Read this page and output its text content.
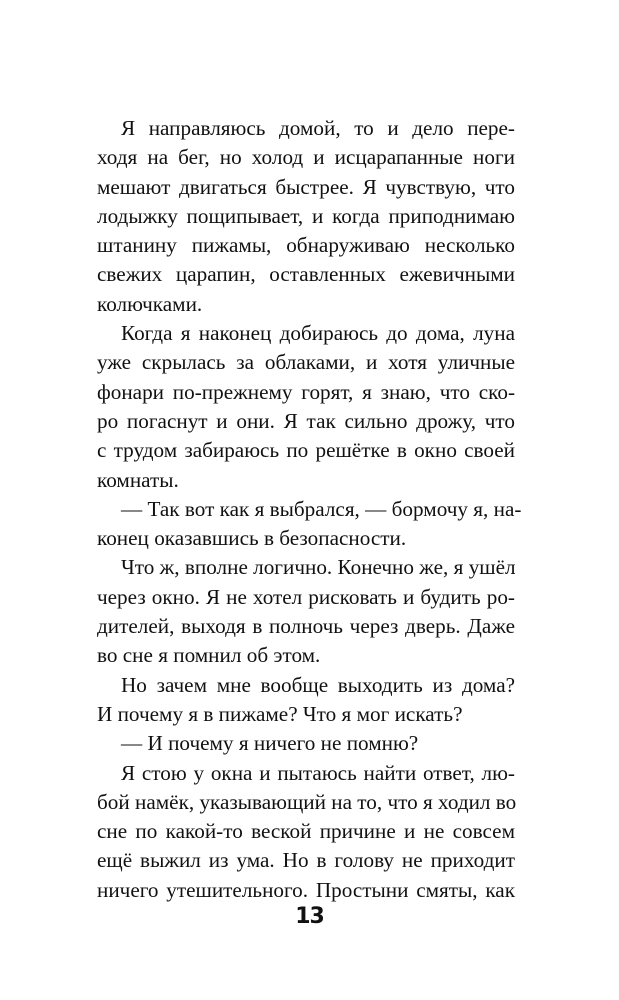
Я направляюсь домой, то и дело пере-
ходя на бег, но холод и исцарапанные ноги
мешают двигаться быстрее. Я чувствую, что
лодыжку пощипывает, и когда приподнимаю
штанину пижамы, обнаруживаю несколько
свежих царапин, оставленных ежевичными
колючками.
Когда я наконец добираюсь до дома, луна
уже скрылась за облаками, и хотя уличные
фонари по-прежнему горят, я знаю, что ско-
ро погаснут и они. Я так сильно дрожу, что
с трудом забираюсь по решётке в окно своей
комнаты.
— Так вот как я выбрался, — бормочу я, на-
конец оказавшись в безопасности.
Что ж, вполне логично. Конечно же, я ушёл
через окно. Я не хотел рисковать и будить ро-
дителей, выходя в полночь через дверь. Даже
во сне я помнил об этом.
Но зачем мне вообще выходить из дома?
И почему я в пижаме? Что я мог искать?
— И почему я ничего не помню?
Я стою у окна и пытаюсь найти ответ, лю-
бой намёк, указывающий на то, что я ходил во
сне по какой-то веской причине и не совсем
ещё выжил из ума. Но в голову не приходит
ничего утешительного. Простыни смяты, как
13
